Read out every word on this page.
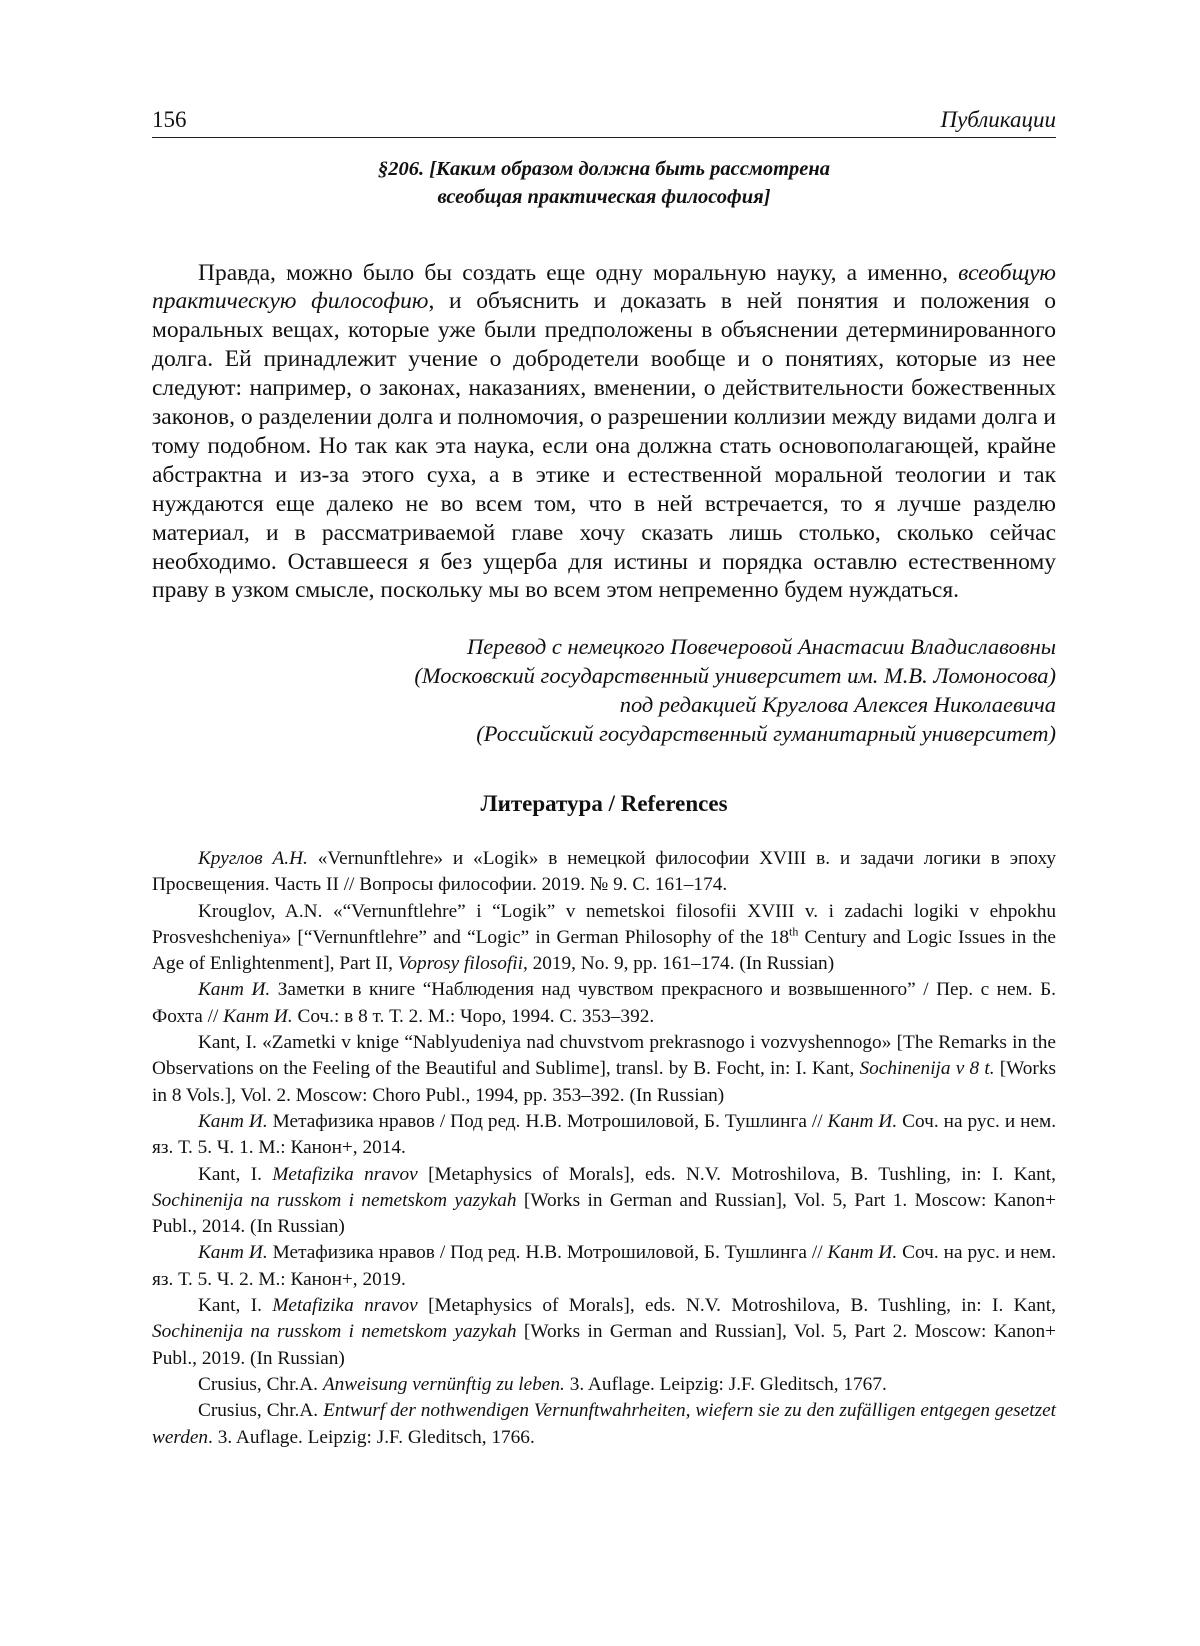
156	Публикации
§206. [Каким образом должна быть рассмотрена
всеобщая практическая философия]

Правда, можно было бы создать еще одну моральную науку, а именно, всеобщую практическую философию, и объяснить и доказать в ней понятия и положения о моральных вещах, которые уже были предположены в объяснении детерминированного долга. Ей принадлежит учение о добродетели вообще и о понятиях, которые из нее следуют: например, о законах, наказаниях, вменении, о действительности божественных законов, о разделении долга и полномочия, о разрешении коллизии между видами долга и тому подобном. Но так как эта наука, если она должна стать основополагающей, крайне абстрактна и из-за этого суха, а в этике и естественной моральной теологии и так нуждаются еще далеко не во всем том, что в ней встречается, то я лучше разделю материал, и в рассматриваемой главе хочу сказать лишь столько, сколько сейчас необходимо. Оставшееся я без ущерба для истины и порядка оставлю естественному праву в узком смысле, поскольку мы во всем этом непременно будем нуждаться.

Перевод с немецкого Повечеровой Анастасии Владиславовны
(Московский государственный университет им. М.В. Ломоносова)
под редакцией Круглова Алексея Николаевича
(Российский государственный гуманитарный университет)
Литература / References

Круглов А.Н. «Vernunftlehre» и «Logik» в немецкой философии XVIII в. и задачи логики в эпоху Просвещения. Часть II // Вопросы философии. 2019. № 9. С. 161–174.

Krouglov, A.N. «“Vernunftlehre” i “Logik” v nemetskoi filosofii XVIII v. i zadachi logiki v ehpokhu Prosveshcheniya» [“Vernunftlehre” and “Logic” in German Philosophy of the 18th Century and Logic Issues in the Age of Enlightenment], Part II, Voprosy filosofii, 2019, No. 9, pp. 161–174. (In Russian)

Кант И. Заметки в книге “Наблюдения над чувством прекрасного и возвышенного” / Пер. с нем. Б. Фохта // Кант И. Соч.: в 8 т. Т. 2. М.: Чоро, 1994. С. 353–392.

Kant, I. «Zametki v knige “Nablyudeniya nad chuvstvom prekrasnogo i vozvyshennogo» [The Remarks in the Observations on the Feeling of the Beautiful and Sublime], transl. by B. Focht, in: I. Kant, Sochinenija v 8 t. [Works in 8 Vols.], Vol. 2. Moscow: Choro Publ., 1994, pp. 353–392. (In Russian)

Кант И. Метафизика нравов / Под ред. Н.В. Мотрошиловой, Б. Тушлинга // Кант И. Соч. на рус. и нем. яз. Т. 5. Ч. 1. М.: Канон+, 2014.

Kant, I. Metafizika nravov [Metaphysics of Morals], eds. N.V. Motroshilova, B. Tushling, in: I. Kant, Sochinenija na russkom i nemetskom yazykah [Works in German and Russian], Vol. 5, Part 1. Moscow: Kanon+ Publ., 2014. (In Russian)

Кант И. Метафизика нравов / Под ред. Н.В. Мотрошиловой, Б. Тушлинга // Кант И. Соч. на рус. и нем. яз. Т. 5. Ч. 2. М.: Канон+, 2019.

Kant, I. Metafizika nravov [Metaphysics of Morals], eds. N.V. Motroshilova, B. Tushling, in: I. Kant, Sochinenija na russkom i nemetskom yazykah [Works in German and Russian], Vol. 5, Part 2. Moscow: Kanon+ Publ., 2019. (In Russian)

Crusius, Chr.A. Anweisung vernünftig zu leben. 3. Auflage. Leipzig: J.F. Gleditsch, 1767.

Crusius, Chr.A. Entwurf der nothwendigen Vernunftwahrheiten, wiefern sie zu den zufälligen entgegen gesetzet werden. 3. Auflage. Leipzig: J.F. Gleditsch, 1766.
